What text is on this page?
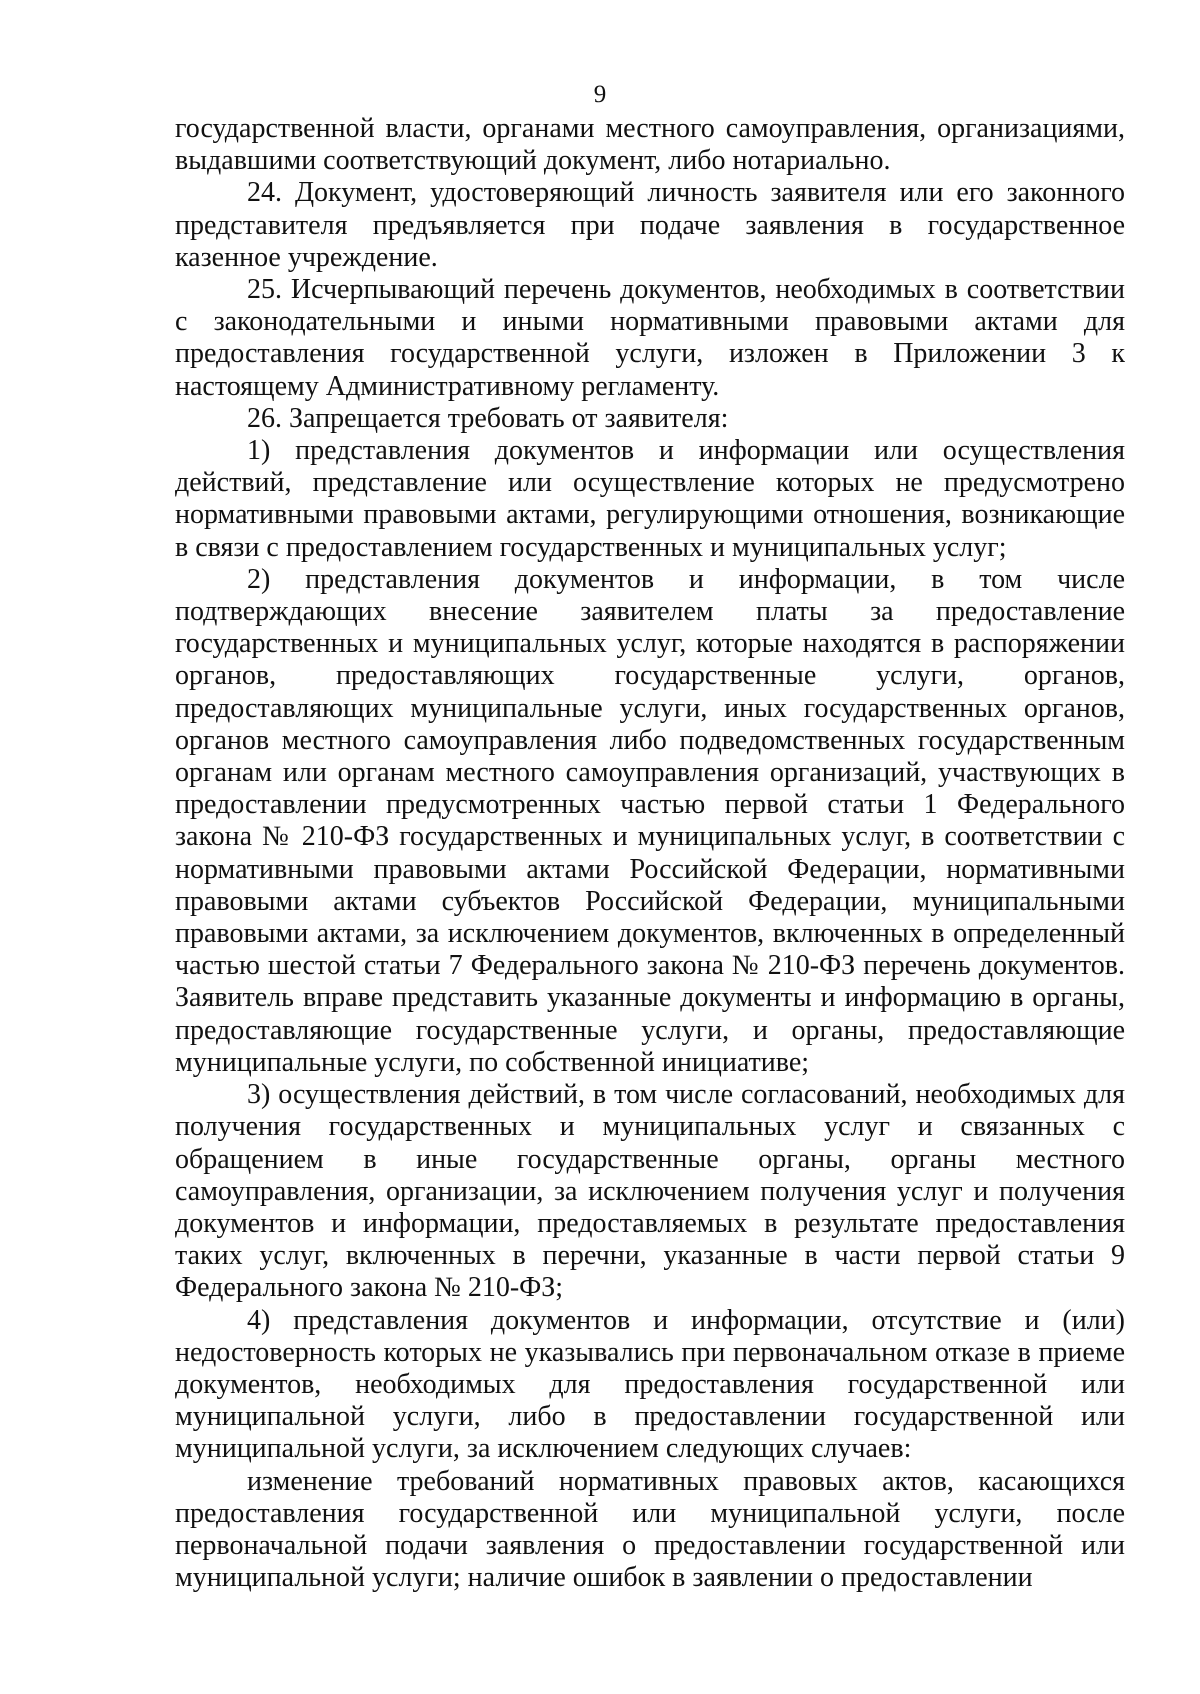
9

государственной власти, органами местного самоуправления, организациями, выдавшими соответствующий документ, либо нотариально.

24. Документ, удостоверяющий личность заявителя или его законного представителя предъявляется при подаче заявления в государственное казенное учреждение.

25. Исчерпывающий перечень документов, необходимых в соответствии с законодательными и иными нормативными правовыми актами для предоставления государственной услуги, изложен в Приложении 3 к настоящему Административному регламенту.

26. Запрещается требовать от заявителя:

1) представления документов и информации или осуществления действий, представление или осуществление которых не предусмотрено нормативными правовыми актами, регулирующими отношения, возникающие в связи с предоставлением государственных и муниципальных услуг;

2) представления документов и информации, в том числе подтверждающих внесение заявителем платы за предоставление государственных и муниципальных услуг, которые находятся в распоряжении органов, предоставляющих государственные услуги, органов, предоставляющих муниципальные услуги, иных государственных органов, органов местного самоуправления либо подведомственных государственным органам или органам местного самоуправления организаций, участвующих в предоставлении предусмотренных частью первой статьи 1 Федерального закона № 210-ФЗ государственных и муниципальных услуг, в соответствии с нормативными правовыми актами Российской Федерации, нормативными правовыми актами субъектов Российской Федерации, муниципальными правовыми актами, за исключением документов, включенных в определенный частью шестой статьи 7 Федерального закона № 210-ФЗ перечень документов. Заявитель вправе представить указанные документы и информацию в органы, предоставляющие государственные услуги, и органы, предоставляющие муниципальные услуги, по собственной инициативе;

3) осуществления действий, в том числе согласований, необходимых для получения государственных и муниципальных услуг и связанных с обращением в иные государственные органы, органы местного самоуправления, организации, за исключением получения услуг и получения документов и информации, предоставляемых в результате предоставления таких услуг, включенных в перечни, указанные в части первой статьи 9 Федерального закона № 210-ФЗ;

4) представления документов и информации, отсутствие и (или) недостоверность которых не указывались при первоначальном отказе в приеме документов, необходимых для предоставления государственной или муниципальной услуги, либо в предоставлении государственной или муниципальной услуги, за исключением следующих случаев:

изменение требований нормативных правовых актов, касающихся предоставления государственной или муниципальной услуги, после первоначальной подачи заявления о предоставлении государственной или муниципальной услуги; наличие ошибок в заявлении о предоставлении
